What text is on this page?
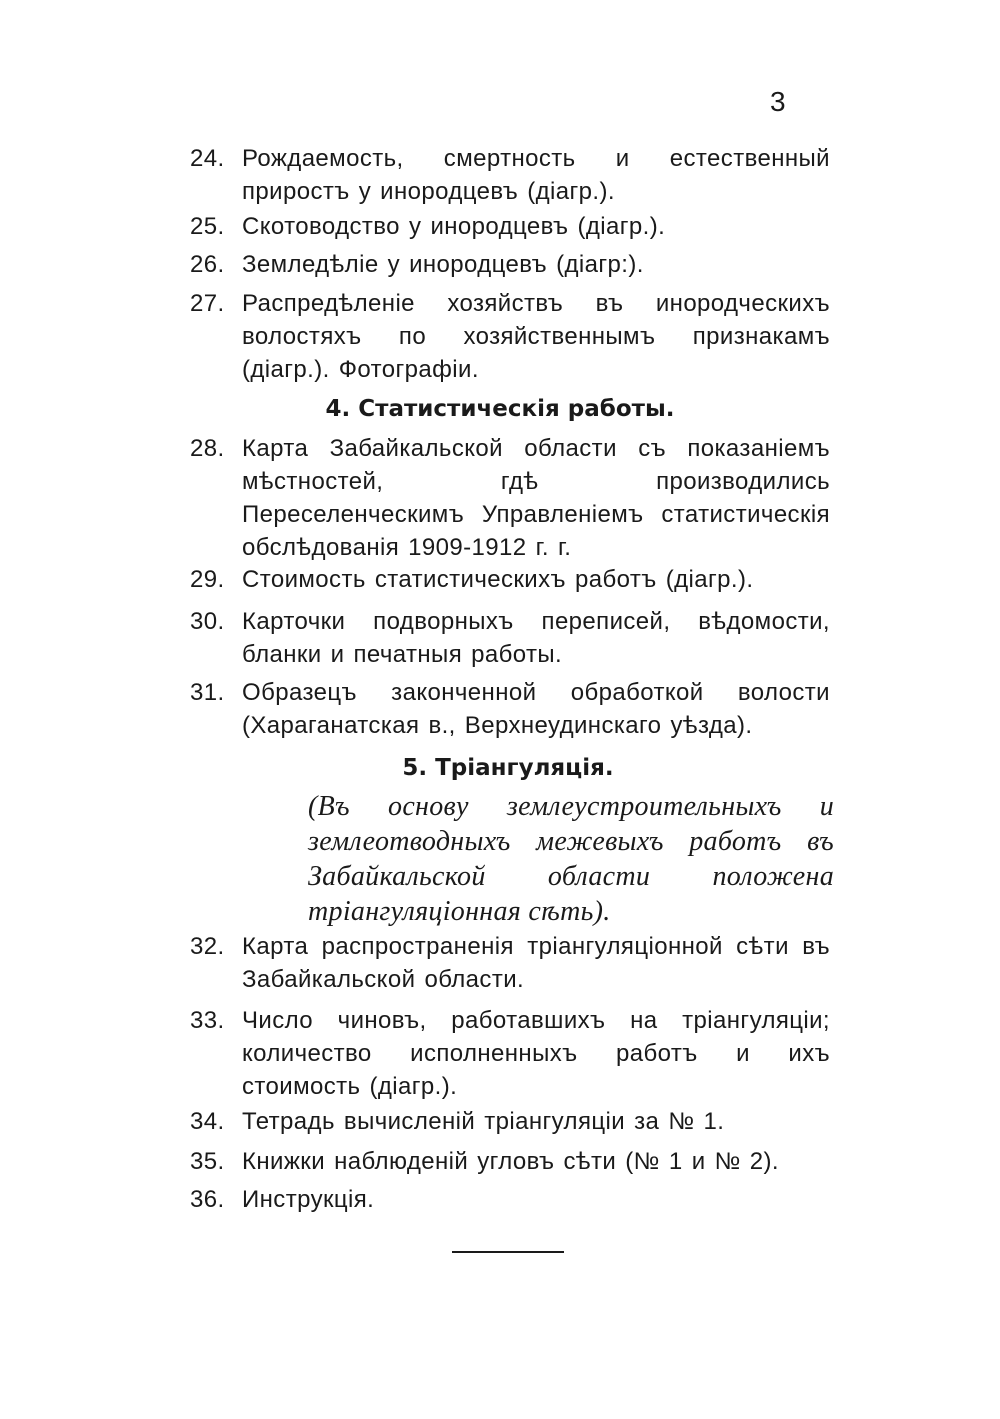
3
24. Рождаемость, смертность и естественный приростъ у инородцевъ (діагр.).
25. Скотоводство у инородцевъ (діагр.).
26. Земледѣліе у инородцевъ (діагр:).
27. Распредѣленіе хозяйствъ въ инородческихъ волостяхъ по хозяйственнымъ признакамъ (діагр.). Фотографіи.
4. Статистическія работы.
28. Карта Забайкальской области съ показаніемъ мѣстностей, гдѣ производились Переселенческимъ Управленіемъ статистическія обслѣдованія 1909-1912 г. г.
29. Стоимость статистическихъ работъ (діагр.).
30. Карточки подворныхъ переписей, вѣдомости, бланки и печатныя работы.
31. Образецъ законченной обработкой волости (Хараганатская в., Верхнеудинскаго уѣзда).
5. Тріангуляція.
(Въ основу землеустроительныхъ и землеотводныхъ межевыхъ работъ въ Забайкальской области положена тріангуляціонная сѣть).
32. Карта распространенія тріангуляціонной сѣти въ Забайкальской области.
33. Число чиновъ, работавшихъ на тріангуляціи; количество исполненныхъ работъ и ихъ стоимость (діагр.).
34. Тетрадь вычисленій тріангуляціи за № 1.
35. Книжки наблюденій угловъ сѣти (№ 1 и № 2).
36. Инструкція.
